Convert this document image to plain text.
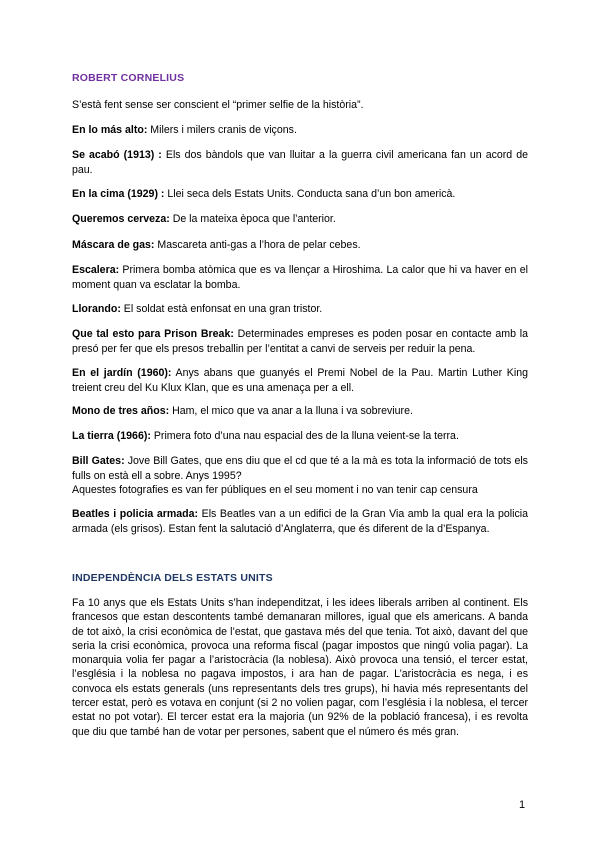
ROBERT CORNELIUS
S’està fent sense ser conscient el “primer selfie de la història”.
En lo más alto: Milers i milers cranis de viçons.
Se acabó (1913) : Els dos bàndols que van lluitar a la guerra civil americana fan un acord de pau.
En la cima (1929) : Llei seca dels Estats Units. Conducta sana d’un bon americà.
Queremos cerveza: De la mateixa època que l’anterior.
Máscara de gas: Mascareta anti-gas a l’hora de pelar cebes.
Escalera: Primera bomba atòmica que es va llençar a Hiroshima. La calor que hi va haver en el moment quan va esclatar la bomba.
Llorando: El soldat està enfonsat en una gran tristor.
Que tal esto para Prison Break: Determinades empreses es poden posar en contacte amb la presó per fer que els presos treballin per l’entitat a canvi de serveis per reduir la pena.
En el jardín (1960): Anys abans que guanyés el Premi Nobel de la Pau. Martin Luther King treient creu del Ku Klux Klan, que es una amenaça per a ell.
Mono de tres años: Ham, el mico que va anar a la lluna i va sobreviure.
La tierra (1966): Primera foto d’una nau espacial des de la lluna veient-se la terra.
Bill Gates: Jove Bill Gates, que ens diu que el cd que té a la mà es tota la informació de tots els fulls on està ell a sobre. Anys 1995?
Aquestes fotografies es van fer públiques en el seu moment i no van tenir cap censura
Beatles i policia armada: Els Beatles van a un edifici de la Gran Via amb la qual era la policia armada (els grisos). Estan fent la salutació d’Anglaterra, que és diferent de la d’Espanya.
INDEPENDÈNCIA DELS ESTATS UNITS
Fa 10 anys que els Estats Units s’han independitzat, i les idees liberals arriben al continent. Els francesos que estan descontents també demanaran millores, igual que els americans. A banda de tot això, la crisi econòmica de l’estat, que gastava més del que tenia. Tot això, davant del que seria la crisi econòmica, provoca una reforma fiscal (pagar impostos que ningú volia pagar). La monarquia volia fer pagar a l’aristocràcia (la noblesa). Això provoca una tensió, el tercer estat, l’església i la noblesa no pagava impostos, i ara han de pagar. L’aristocràcia es nega, i es convoca els estats generals (uns representants dels tres grups), hi havia més representants del tercer estat, però es votava en conjunt (si 2 no volien pagar, com l’església i la noblesa, el tercer estat no pot votar). El tercer estat era la majoria (un 92% de la població francesa), i es revolta que diu que també han de votar per persones, sabent que el número és més gran.
1
